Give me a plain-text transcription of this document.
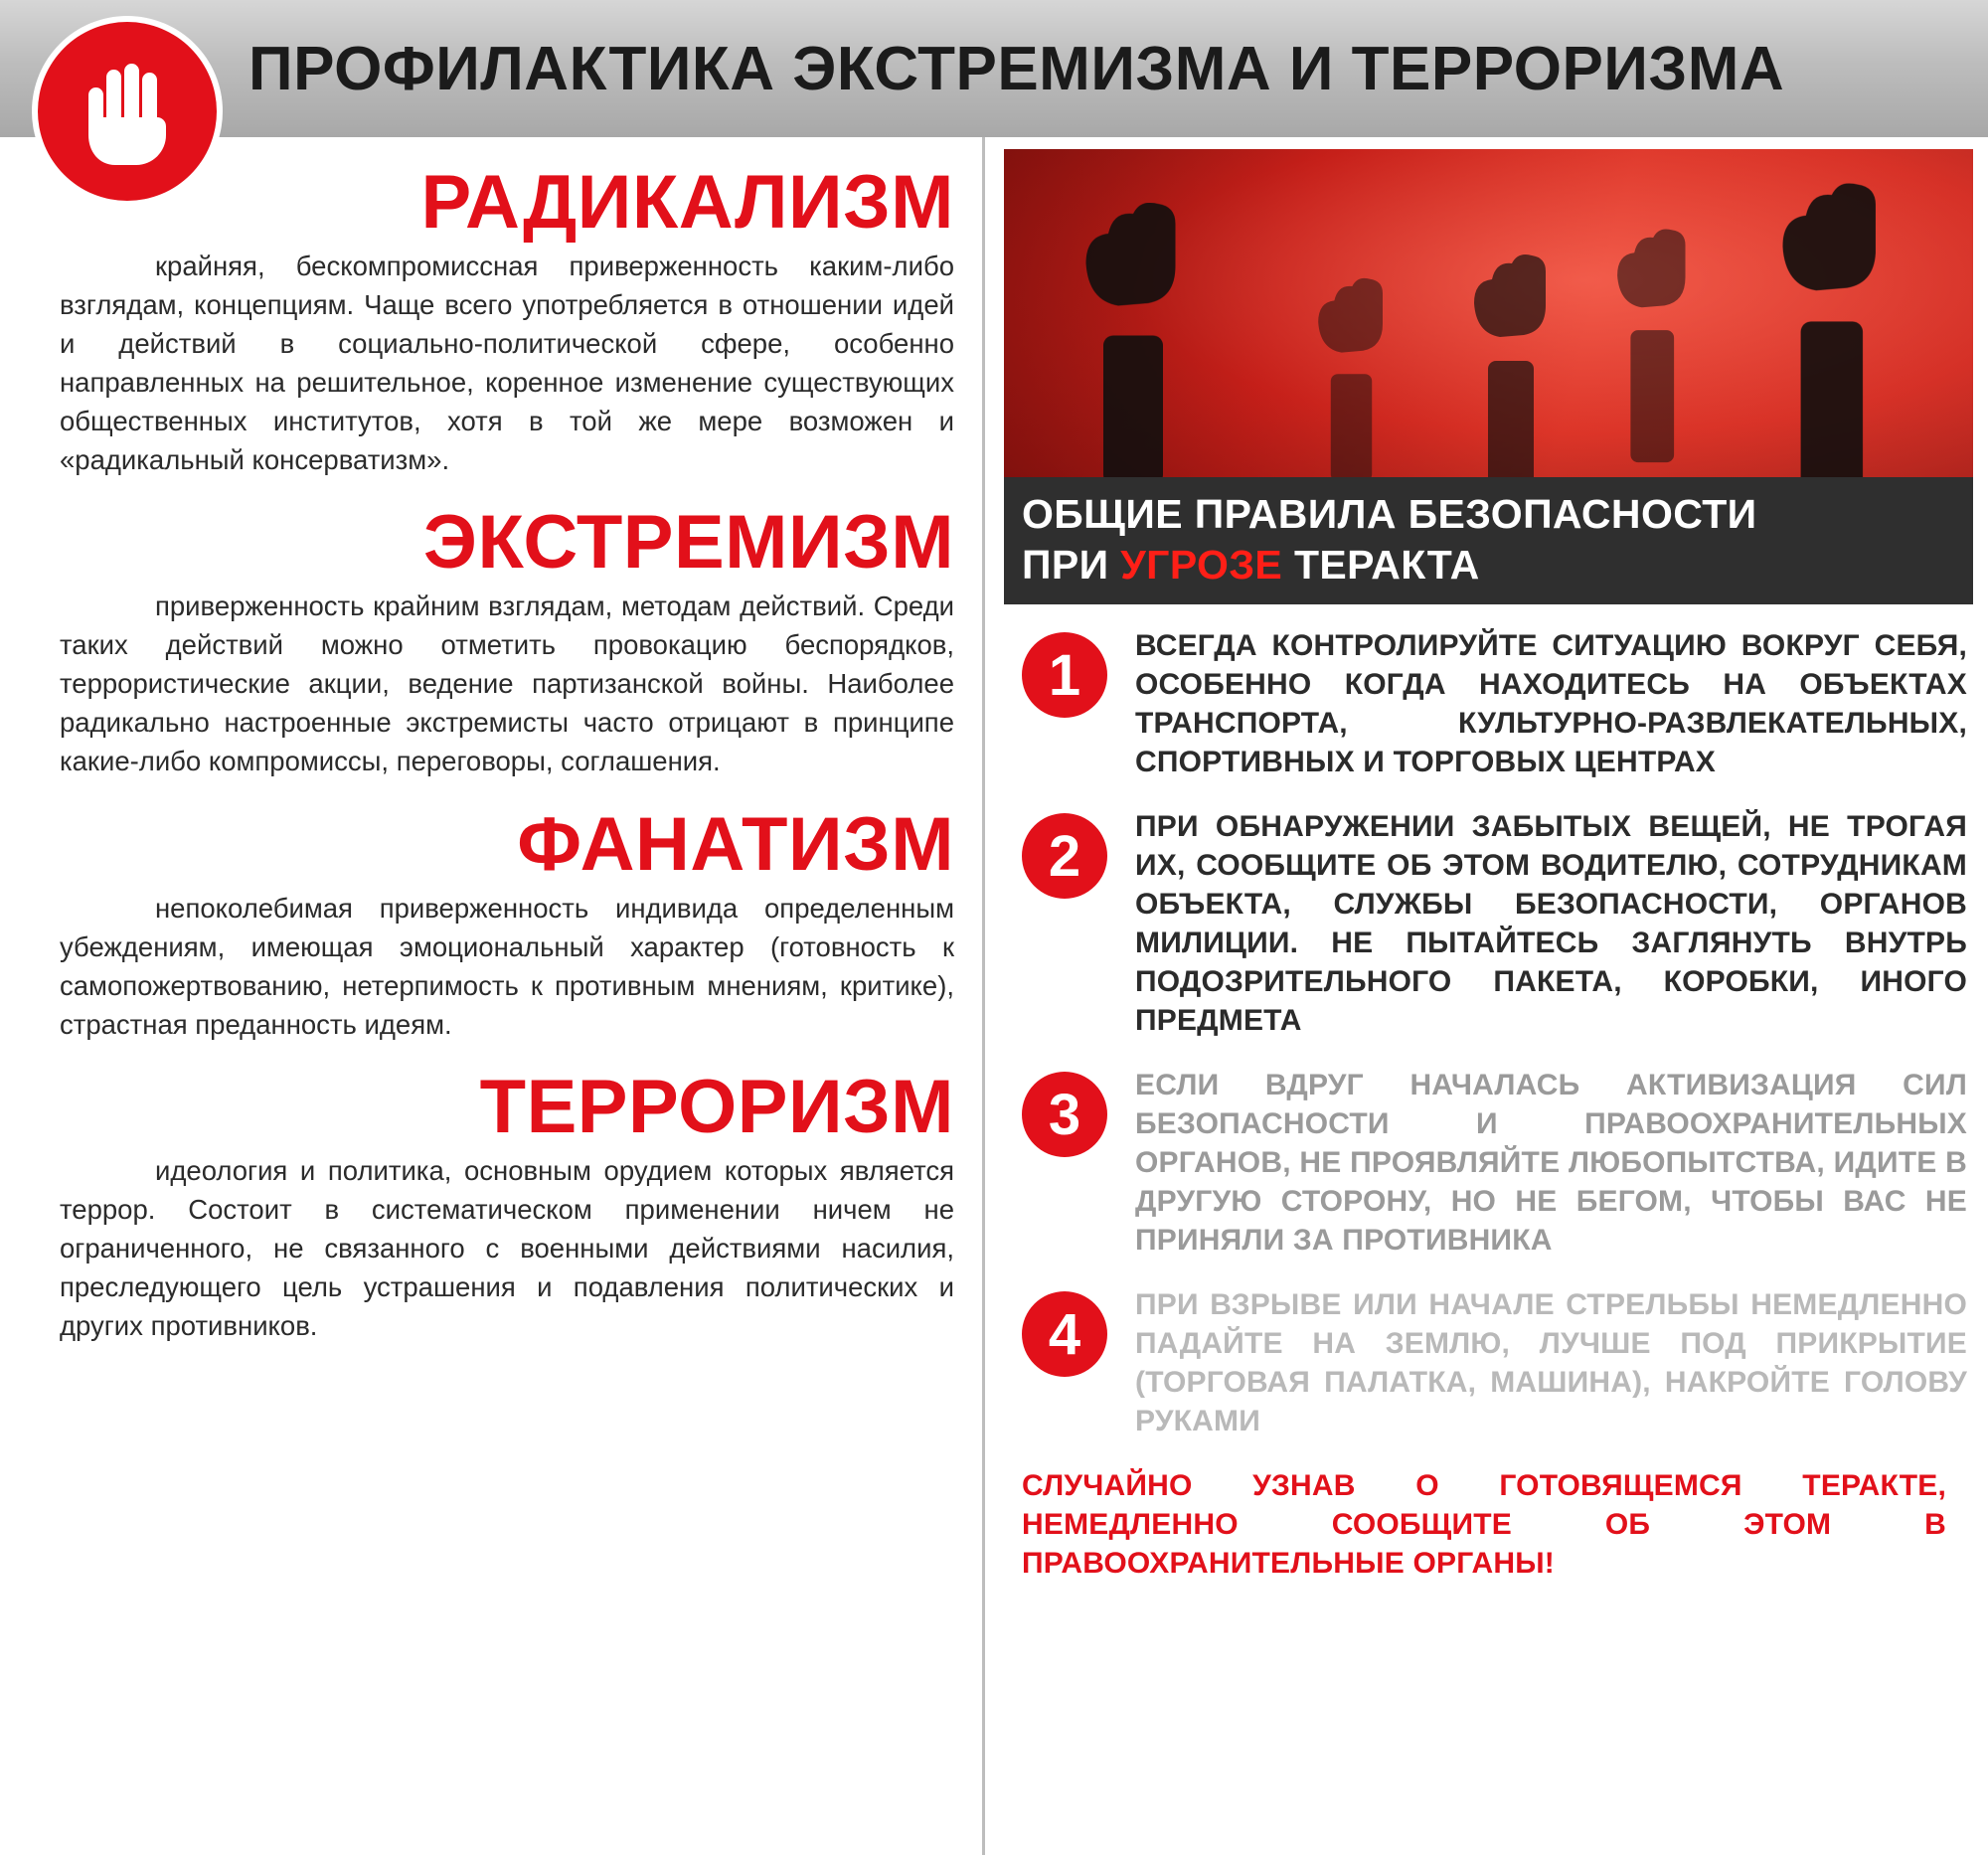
ПРОФИЛАКТИКА ЭКСТРЕМИЗМА И ТЕРРОРИЗМА
РАДИКАЛИЗМ
крайняя, бескомпромиссная приверженность каким-либо взглядам, концепциям. Чаще всего употребляется в отношении идей и действий в социально-политической сфере, особенно направленных на решительное, коренное изменение существующих общественных институтов, хотя в той же мере возможен и «радикальный консерватизм».
ЭКСТРЕМИЗМ
приверженность крайним взглядам, методам действий. Среди таких действий можно отметить провокацию беспорядков, террористические акции, ведение партизанской войны. Наиболее радикально настроенные экстремисты часто отрицают в принципе какие-либо компромиссы, переговоры, соглашения.
ФАНАТИЗМ
непоколебимая приверженность индивида определенным убеждениям, имеющая эмоциональный характер (готовность к самопожертвованию, нетерпимость к противным мнениям, критике), страстная преданность идеям.
ТЕРРОРИЗМ
идеология и политика, основным орудием которых является террор. Состоит в систематическом применении ничем не ограниченного, не связанного с военными действиями насилия, преследующего цель устрашения и подавления политических и других противников.
ОБЩИЕ ПРАВИЛА БЕЗОПАСНОСТИ
ПРИ УГРОЗЕ ТЕРАКТА
1	ВСЕГДА КОНТРОЛИРУЙТЕ СИТУАЦИЮ ВОКРУГ СЕБЯ, ОСОБЕННО КОГДА НАХОДИТЕСЬ НА ОБЪЕКТАХ ТРАНСПОРТА, КУЛЬТУРНО-РАЗВЛЕКАТЕЛЬНЫХ, СПОРТИВНЫХ И ТОРГОВЫХ ЦЕНТРАХ
2	ПРИ ОБНАРУЖЕНИИ ЗАБЫТЫХ ВЕЩЕЙ, НЕ ТРОГАЯ ИХ, СООБЩИТЕ ОБ ЭТОМ ВОДИТЕЛЮ, СОТРУДНИКАМ ОБЪЕКТА, СЛУЖБЫ БЕЗОПАСНОСТИ, ОРГАНОВ МИЛИЦИИ. НЕ ПЫТАЙТЕСЬ ЗАГЛЯНУТЬ ВНУТРЬ ПОДОЗРИТЕЛЬНОГО ПАКЕТА, КОРОБКИ, ИНОГО ПРЕДМЕТА
3	ЕСЛИ ВДРУГ НАЧАЛАСЬ АКТИВИЗАЦИЯ СИЛ БЕЗОПАСНОСТИ И ПРАВООХРАНИТЕЛЬНЫХ ОРГАНОВ, НЕ ПРОЯВЛЯЙТЕ ЛЮБОПЫТСТВА, ИДИТЕ В ДРУГУЮ СТОРОНУ, НО НЕ БЕГОМ, ЧТОБЫ ВАС НЕ ПРИНЯЛИ ЗА ПРОТИВНИКА
4	ПРИ ВЗРЫВЕ ИЛИ НАЧАЛЕ СТРЕЛЬБЫ НЕМЕДЛЕННО ПАДАЙТЕ НА ЗЕМЛЮ, ЛУЧШЕ ПОД ПРИКРЫТИЕ (ТОРГОВАЯ ПАЛАТКА, МАШИНА), НАКРОЙТЕ ГОЛОВУ РУКАМИ
СЛУЧАЙНО УЗНАВ О ГОТОВЯЩЕМСЯ ТЕРАКТЕ, НЕМЕДЛЕННО СООБЩИТЕ ОБ ЭТОМ В ПРАВООХРАНИТЕЛЬНЫЕ ОРГАНЫ!
